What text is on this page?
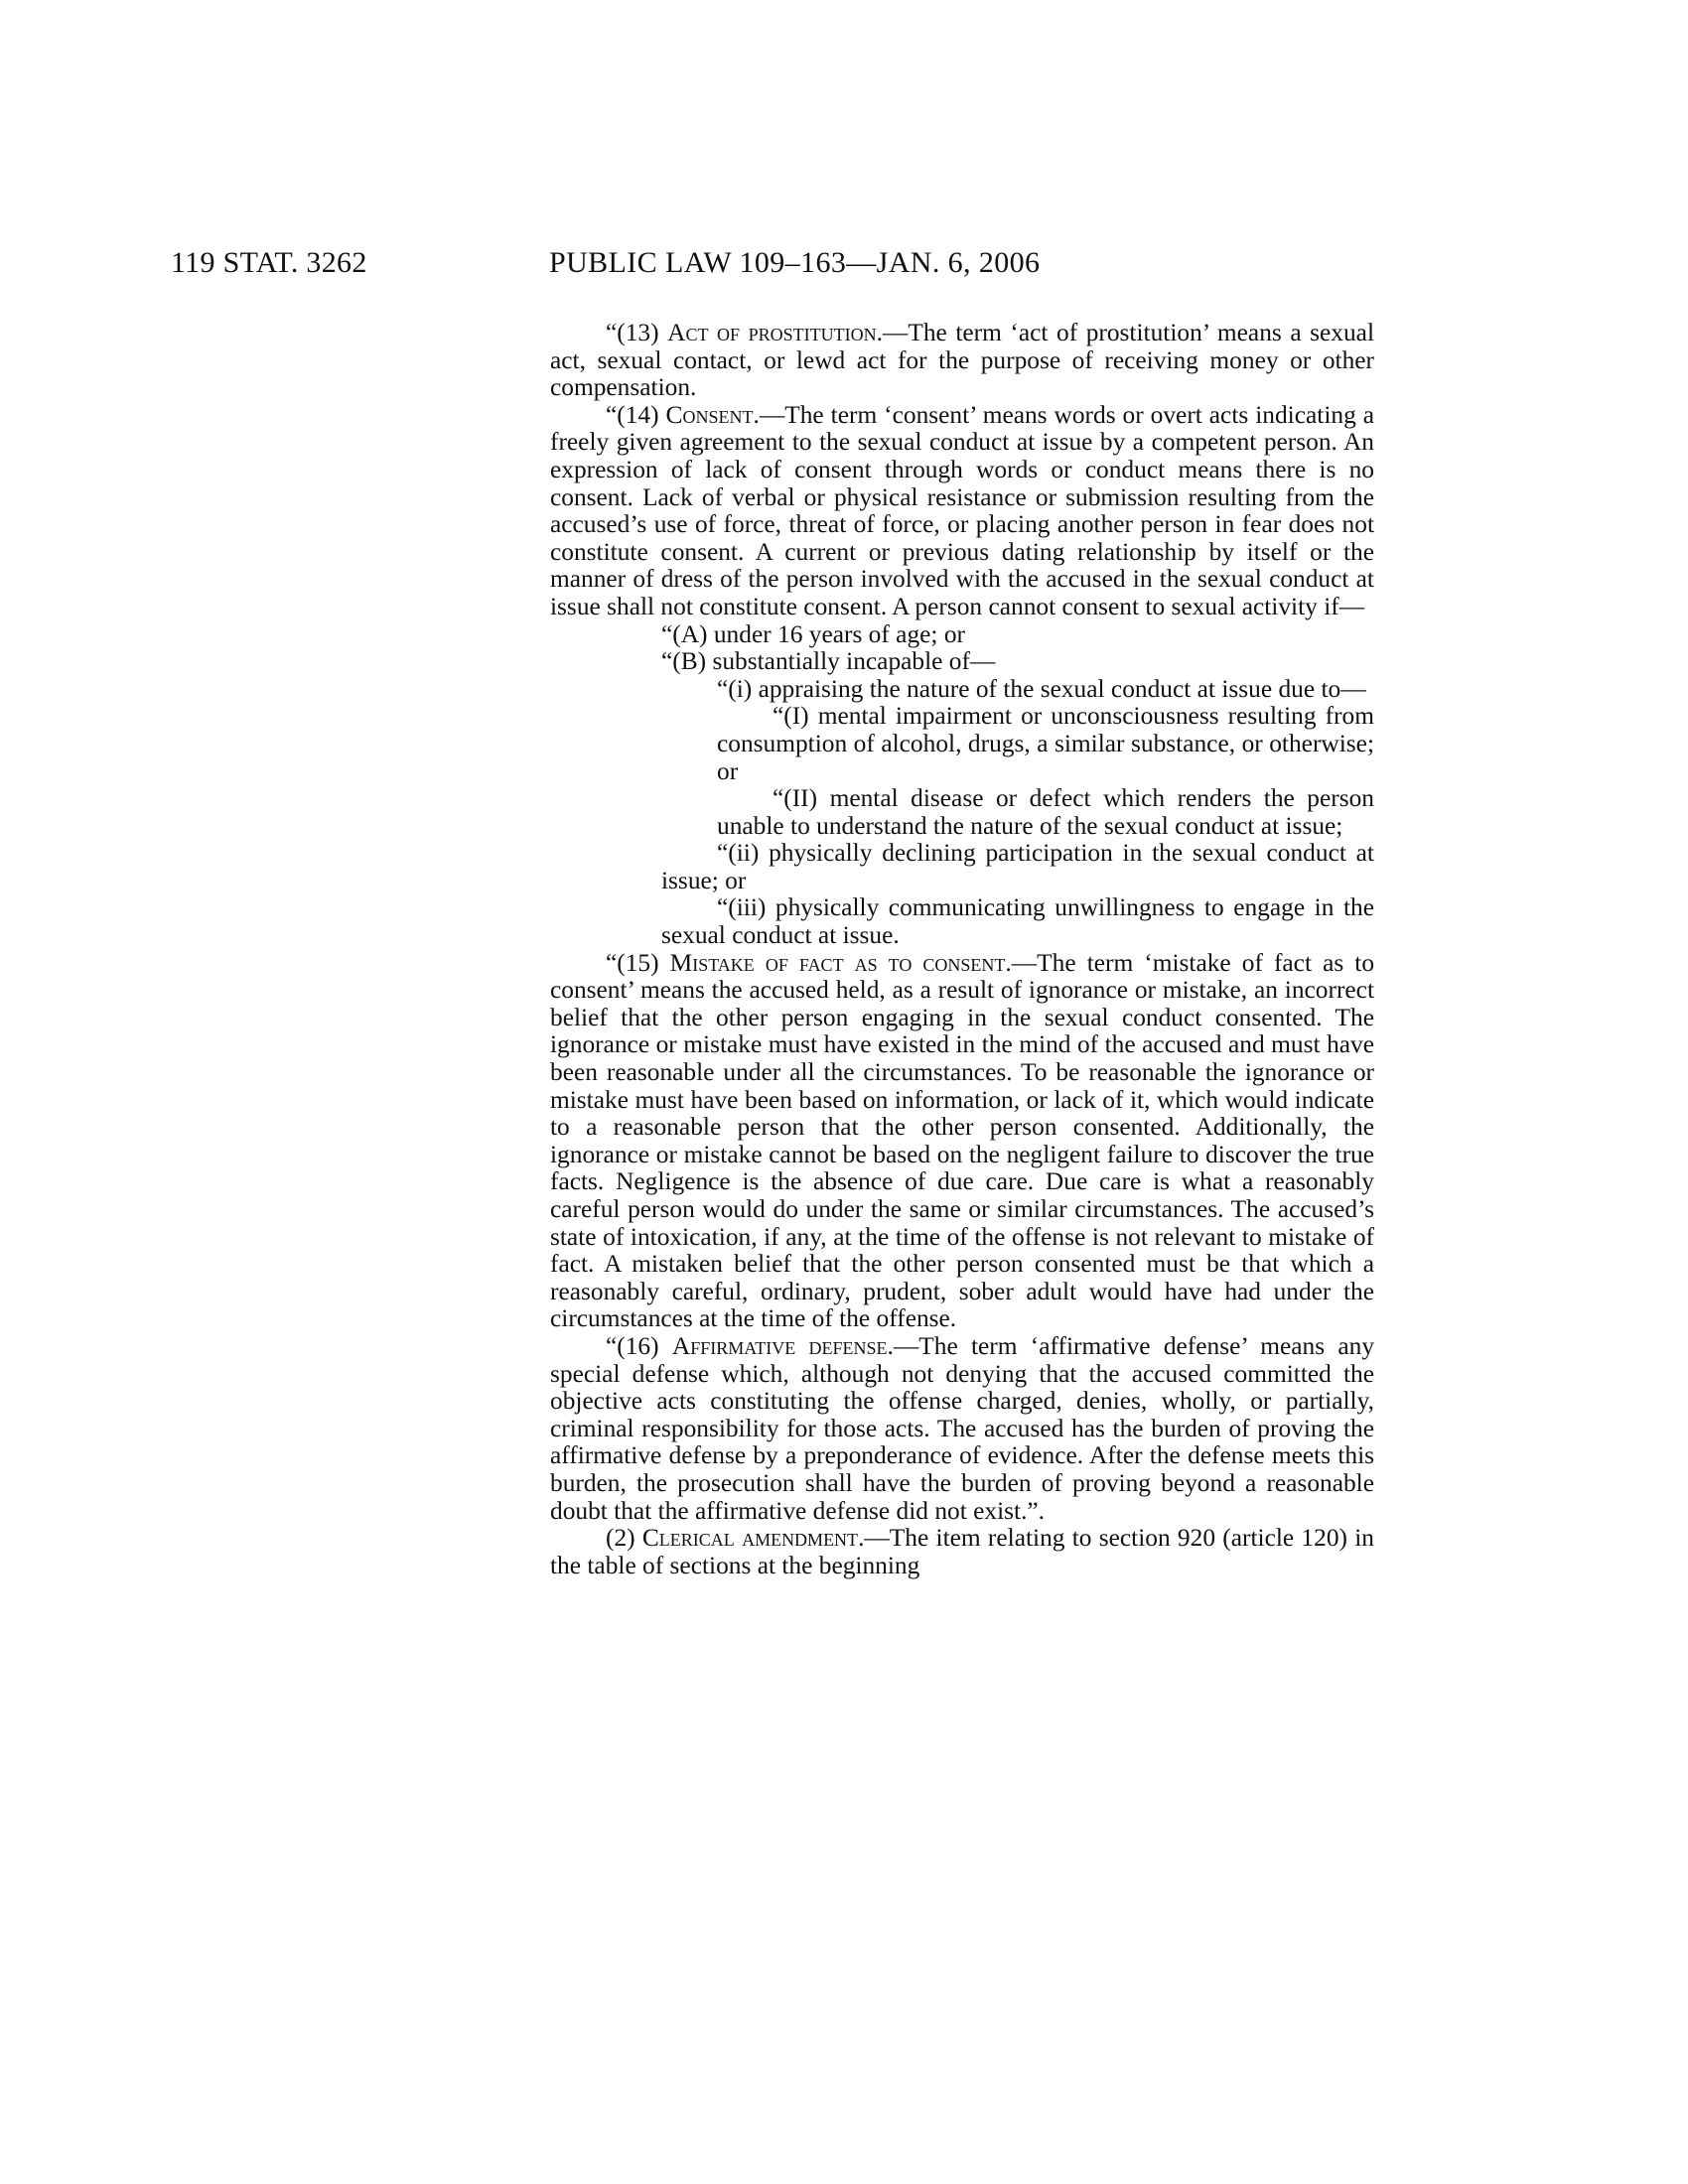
119 STAT. 3262	PUBLIC LAW 109–163—JAN. 6, 2006

“(13) Act of prostitution.—The term ‘act of prostitution’ means a sexual act, sexual contact, or lewd act for the purpose of receiving money or other compensation.

“(14) Consent.—The term ‘consent’ means words or overt acts indicating a freely given agreement to the sexual conduct at issue by a competent person. An expression of lack of consent through words or conduct means there is no consent. Lack of verbal or physical resistance or submission resulting from the accused’s use of force, threat of force, or placing another person in fear does not constitute consent. A current or previous dating relationship by itself or the manner of dress of the person involved with the accused in the sexual conduct at issue shall not constitute consent. A person cannot consent to sexual activity if—

“(A) under 16 years of age; or

“(B) substantially incapable of—

“(i) appraising the nature of the sexual conduct at issue due to—

“(I) mental impairment or unconsciousness resulting from consumption of alcohol, drugs, a similar substance, or otherwise; or

“(II) mental disease or defect which renders the person unable to understand the nature of the sexual conduct at issue;

“(ii) physically declining participation in the sexual conduct at issue; or

“(iii) physically communicating unwillingness to engage in the sexual conduct at issue.

“(15) Mistake of fact as to consent.—The term ‘mistake of fact as to consent’ means the accused held, as a result of ignorance or mistake, an incorrect belief that the other person engaging in the sexual conduct consented. The ignorance or mistake must have existed in the mind of the accused and must have been reasonable under all the circumstances. To be reasonable the ignorance or mistake must have been based on information, or lack of it, which would indicate to a reasonable person that the other person consented. Additionally, the ignorance or mistake cannot be based on the negligent failure to discover the true facts. Negligence is the absence of due care. Due care is what a reasonably careful person would do under the same or similar circumstances. The accused’s state of intoxication, if any, at the time of the offense is not relevant to mistake of fact. A mistaken belief that the other person consented must be that which a reasonably careful, ordinary, prudent, sober adult would have had under the circumstances at the time of the offense.

“(16) Affirmative defense.—The term ‘affirmative defense’ means any special defense which, although not denying that the accused committed the objective acts constituting the offense charged, denies, wholly, or partially, criminal responsibility for those acts. The accused has the burden of proving the affirmative defense by a preponderance of evidence. After the defense meets this burden, the prosecution shall have the burden of proving beyond a reasonable doubt that the affirmative defense did not exist.”.

(2) Clerical amendment.—The item relating to section 920 (article 120) in the table of sections at the beginning
